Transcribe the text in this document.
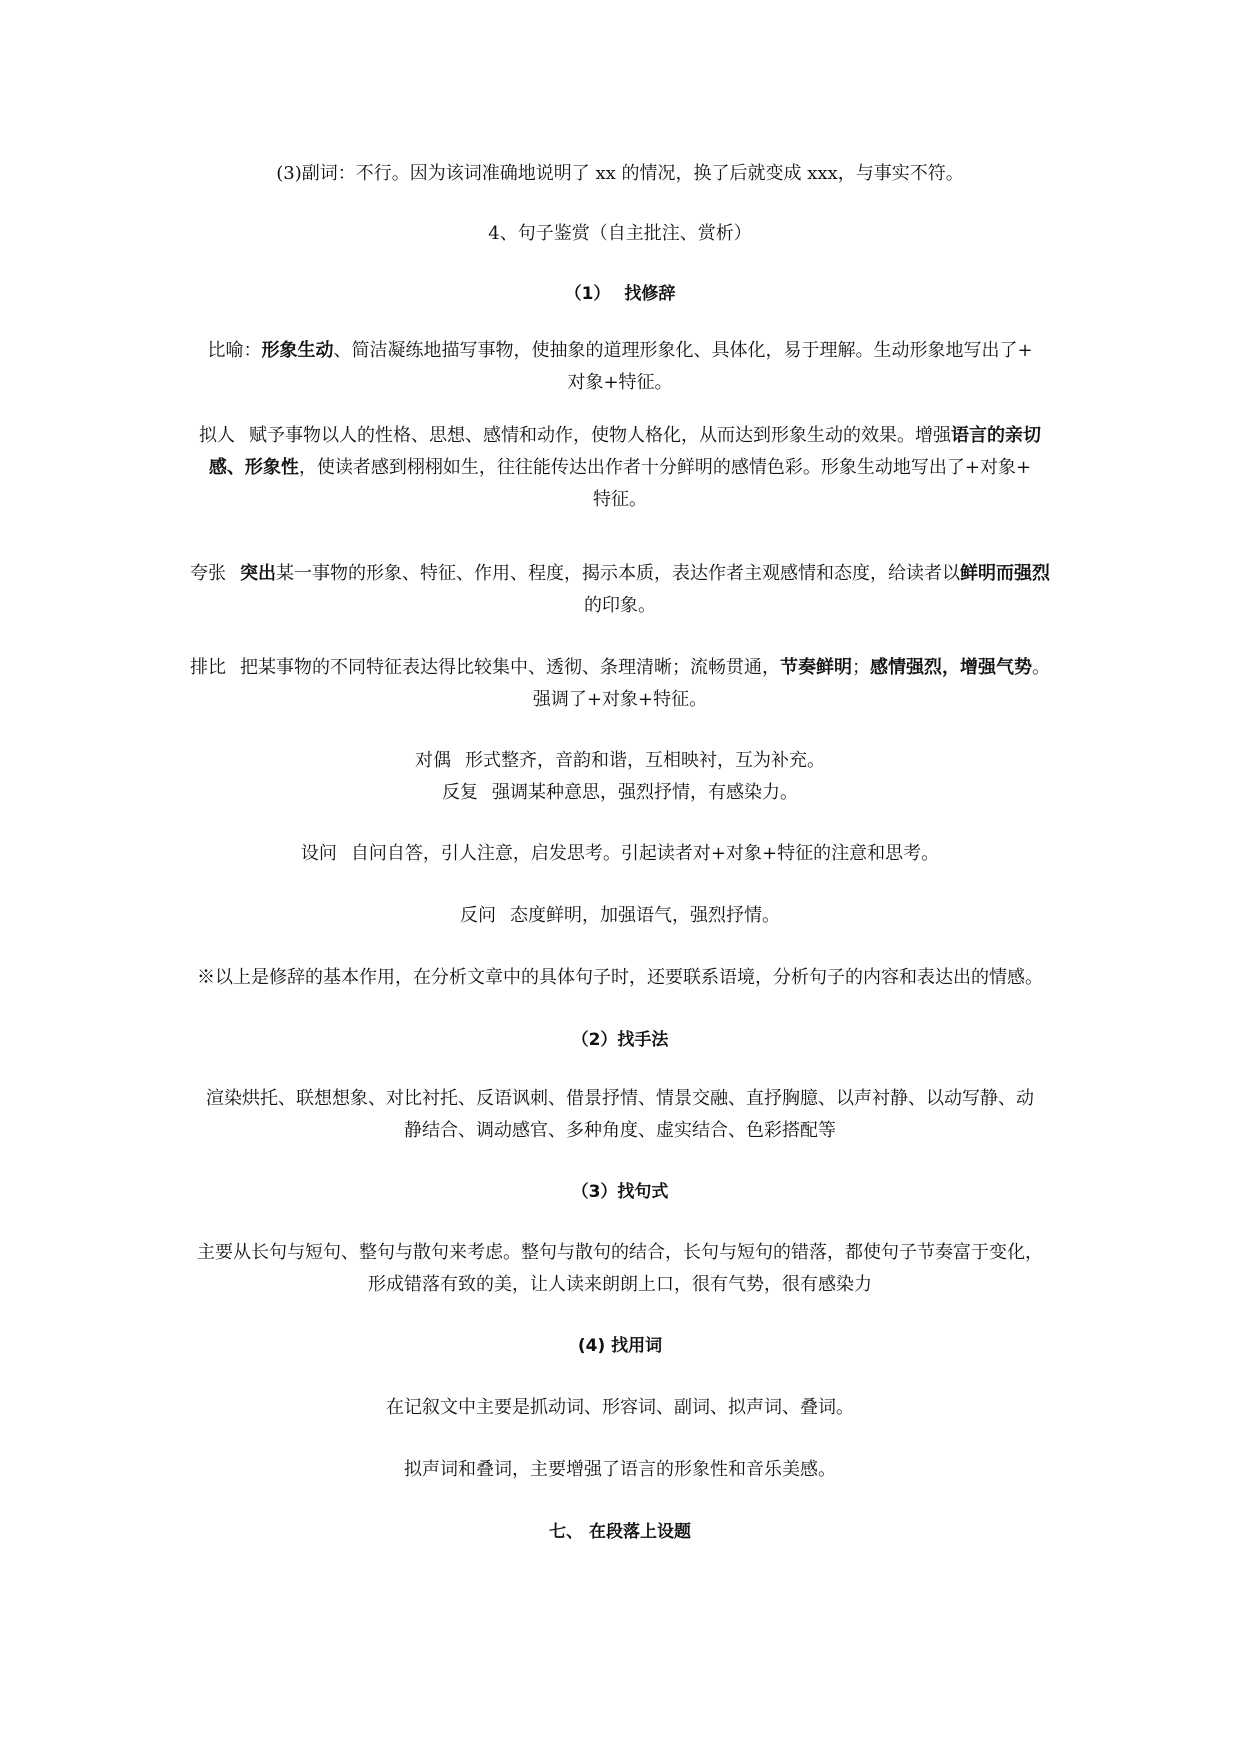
(3)副词：不行。因为该词准确地说明了 xx 的情况，换了后就变成 xxx，与事实不符。
4、句子鉴赏（自主批注、赏析）
（1） 找修辞
比喻：形象生动、简洁凝练地描写事物，使抽象的道理形象化、具体化，易于理解。生动形象地写出了+
对象+特征。
拟人 赋予事物以人的性格、思想、感情和动作，使物人格化，从而达到形象生动的效果。增强语言的亲切感、形象性，使读者感到栩栩如生，往往能传达出作者十分鲜明的感情色彩。形象生动地写出了+对象+
特征。
夸张 突出某一事物的形象、特征、作用、程度，揭示本质，表达作者主观感情和态度，给读者以鲜明而强烈的印象。
排比 把某事物的不同特征表达得比较集中、透彻、条理清晰；流畅贯通，节奏鲜明；感情强烈，增强气势。强调了+对象+特征。
对偶 形式整齐，音韵和谐，互相映衬，互为补充。
反复 强调某种意思，强烈抒情，有感染力。
设问 自问自答，引人注意，启发思考。引起读者对+对象+特征的注意和思考。
反问 态度鲜明，加强语气，强烈抒情。
※以上是修辞的基本作用，在分析文章中的具体句子时，还要联系语境，分析句子的内容和表达出的情感。
（2）找手法
渲染烘托、联想想象、对比衬托、反语讽刺、借景抒情、情景交融、直抒胸臆、以声衬静、以动写静、动
静结合、调动感官、多种角度、虚实结合、色彩搭配等
（3）找句式
主要从长句与短句、整句与散句来考虑。整句与散句的结合，长句与短句的错落，都使句子节奏富于变化，
形成错落有致的美，让人读来朗朗上口，很有气势，很有感染力
(4) 找用词
在记叙文中主要是抓动词、形容词、副词、拟声词、叠词。
拟声词和叠词，主要增强了语言的形象性和音乐美感。
七、 在段落上设题
